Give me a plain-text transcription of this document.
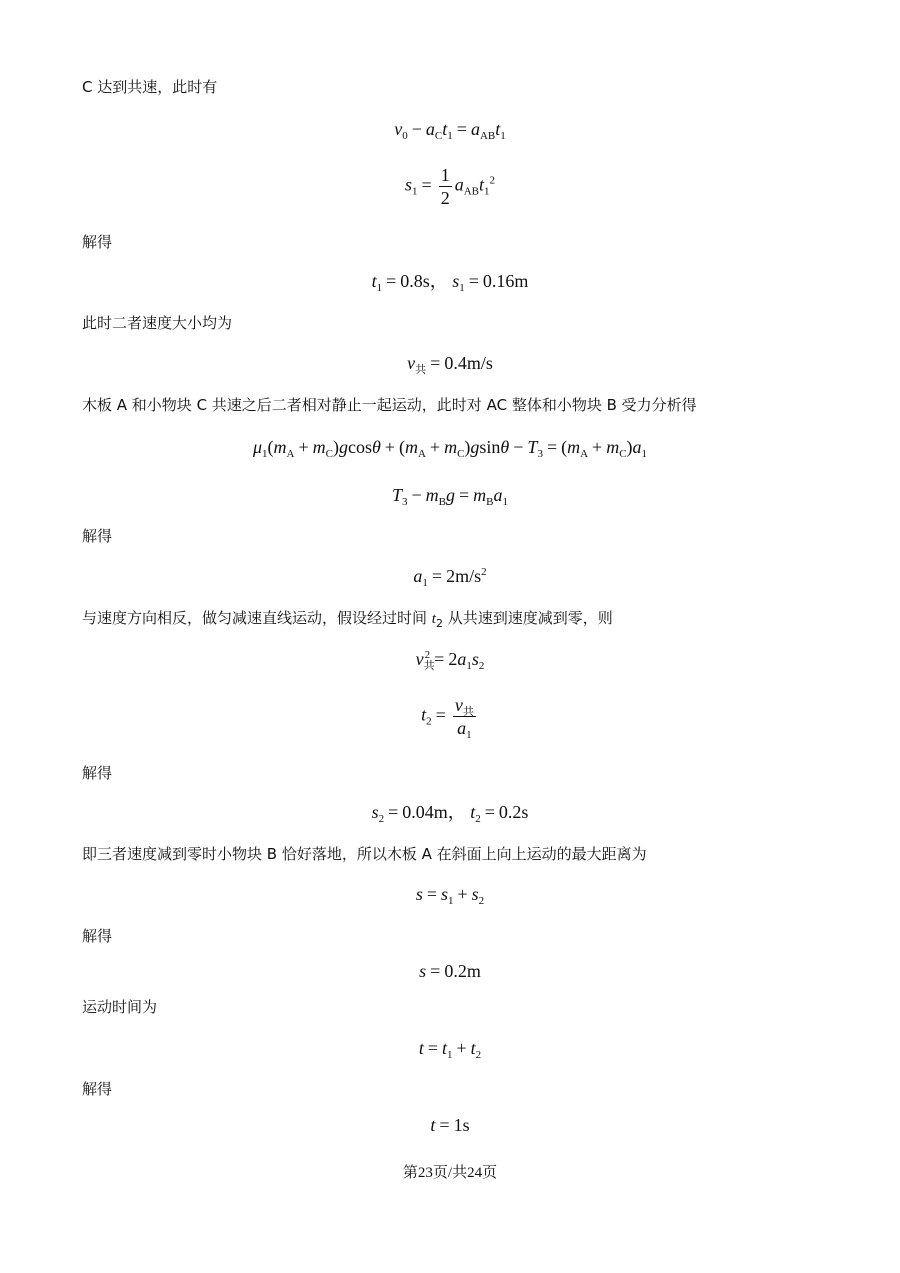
C 达到共速，此时有
$v_0 - a_Ct_1 = a_{AB}t_1$
$s_1 = \frac{1}{2} a_{AB}t_1^2$
解得
$t_1 = 0.8s$， $s_1 = 0.16m$
此时二者速度大小均为
$v_共 = 0.4m/s$
木板 A 和小物块 C 共速之后二者相对静止一起运动，此时对 AC 整体和小物块 B 受力分析得
$\mu_1(m_A + m_C)gcos\theta + (m_A + m_C)gsin\theta - T_3 = (m_A + m_C)a_1$
$T_3 - m_Bg = m_Ba_1$
解得
$a_1 = 2m/s^2$
与速度方向相反，做匀减速直线运动，假设经过时间 $t_2$ 从共速到速度减到零，则
$v_共^2 = 2a_1s_2$
$t_2 = \frac{v_共}{a_1}$
解得
$s_2 = 0.04m$， $t_2 = 0.2s$
即三者速度减到零时小物块 B 恰好落地，所以木板 A 在斜面上向上运动的最大距离为
$s = s_1 + s_2$
解得
s = 0.2m
运动时间为
$t = t_1 + t_2$
解得
t = 1s
第23页/共24页
